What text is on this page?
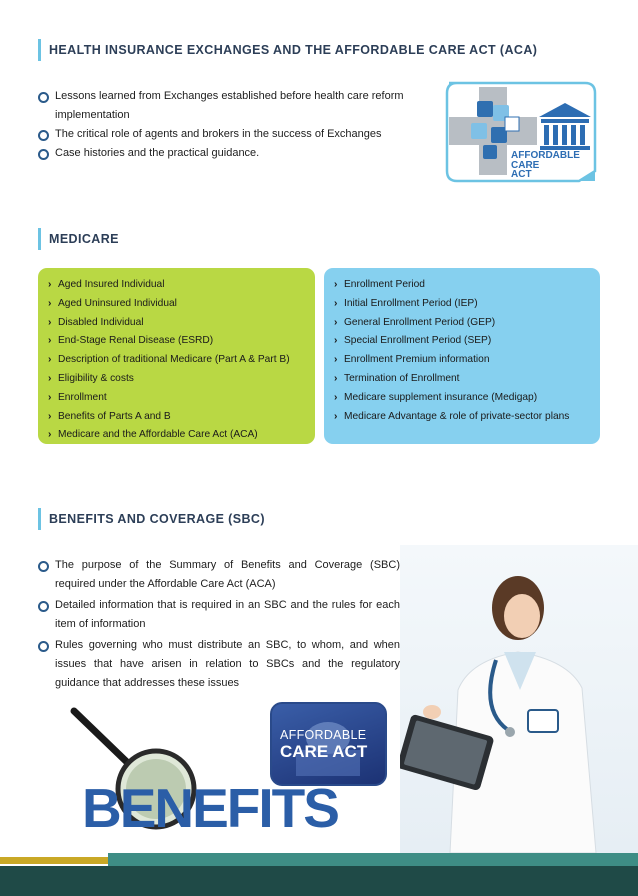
HEALTH INSURANCE EXCHANGES AND THE AFFORDABLE CARE ACT (ACA)
Lessons learned from Exchanges established before health care reform implementation
The critical role of agents and brokers in the success of Exchanges
Case histories and the practical guidance.	AFFORDABLE
CARE
ACT
MEDICARE
› Aged Insured Individual
› Aged Uninsured Individual
› Disabled Individual
› End-Stage Renal Disease (ESRD)
› Description of traditional Medicare (Part A & Part B)
› Eligibility & costs
› Enrollment
› Benefits of Parts A and B
› Medicare and the Affordable Care Act (ACA)
› Enrollment Period
› Initial Enrollment Period (IEP)
› General Enrollment Period (GEP)
› Special Enrollment Period (SEP)
› Enrollment Premium information
› Termination of Enrollment
› Medicare supplement insurance (Medigap)
› Medicare Advantage & role of private-sector plans
BENEFITS AND COVERAGE (SBC)
The purpose of the Summary of Benefits and Coverage (SBC) required under the Affordable Care Act (ACA)
Detailed information that is required in an SBC and the rules for each item of information
Rules governing who must distribute an SBC, to whom, and when issues that have arisen in relation to SBCs and the regulatory guidance that addresses these issues
AFFORDABLE
CARE ACT
BENEFITS
